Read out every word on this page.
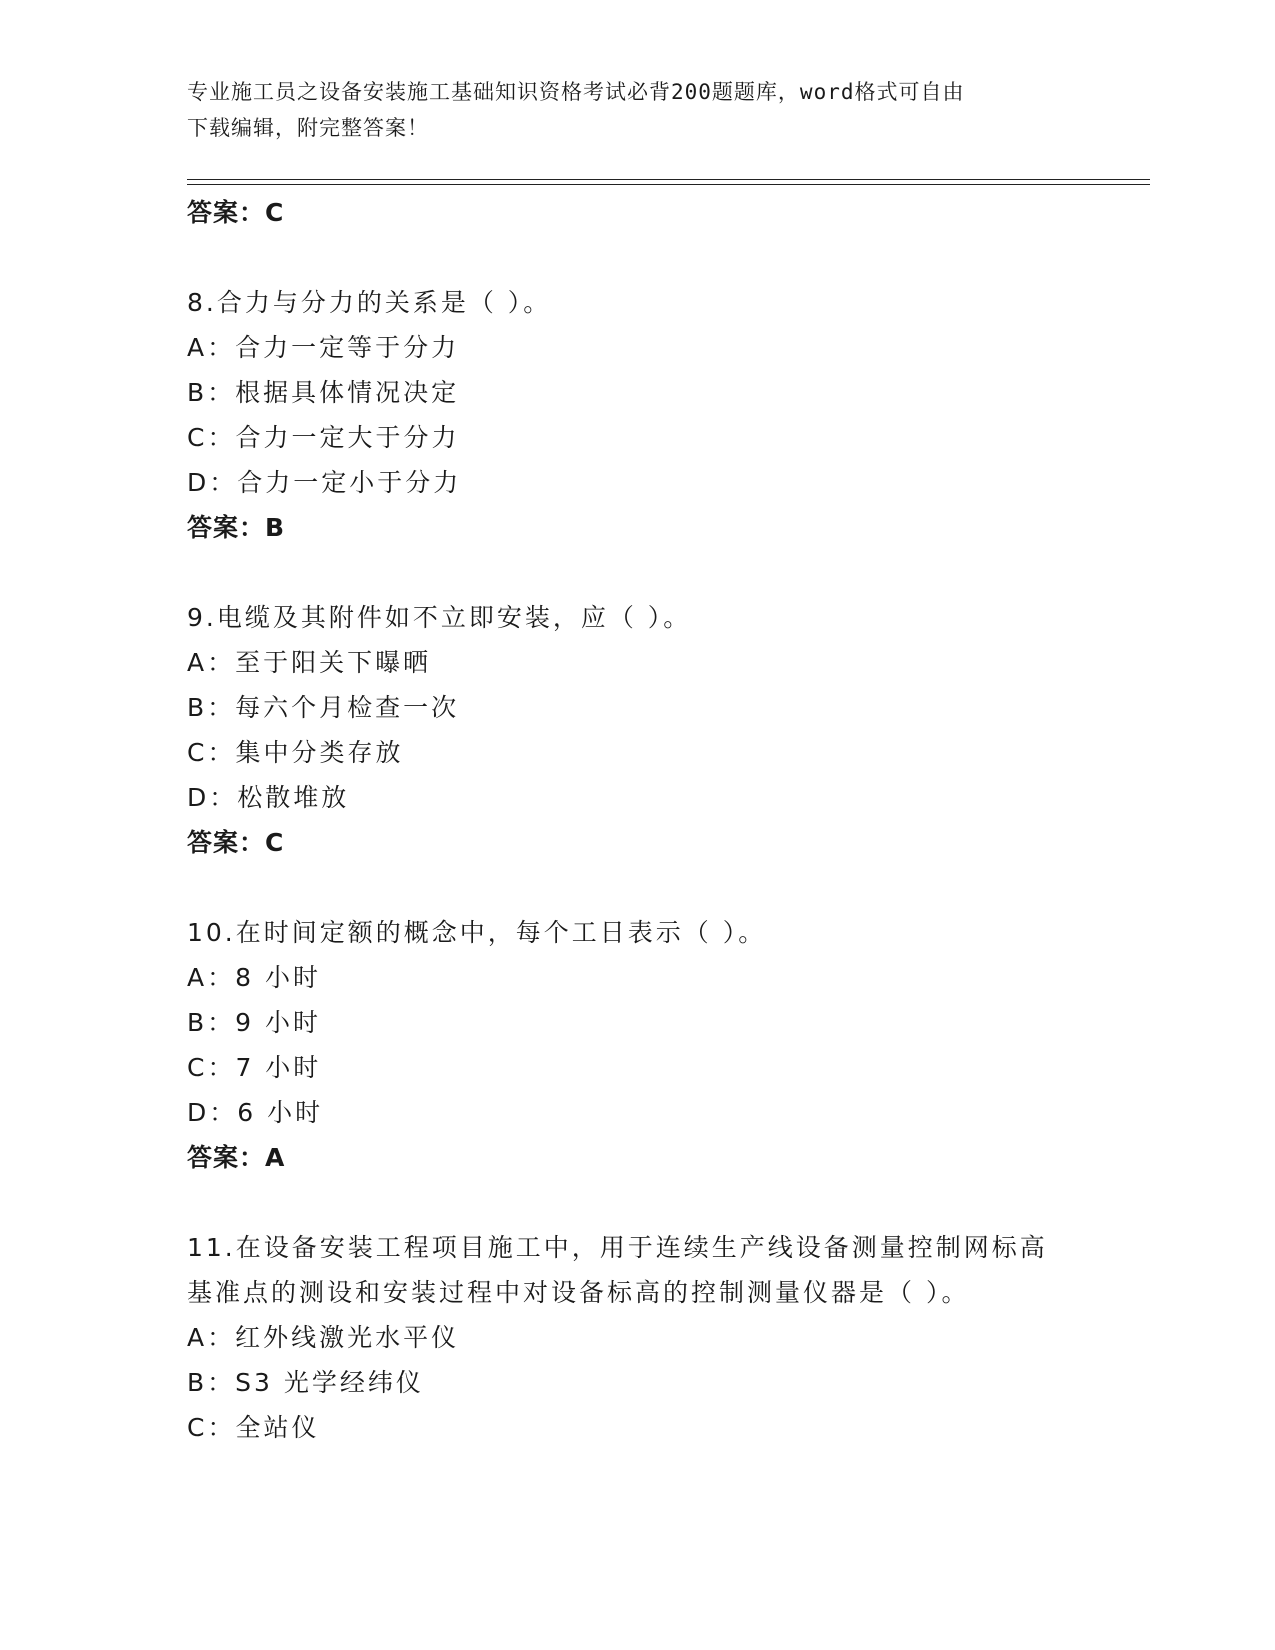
专业施工员之设备安装施工基础知识资格考试必背200题题库，word格式可自由
下载编辑，附完整答案！
答案：C
8.合力与分力的关系是（ ）。
A：合力一定等于分力
B：根据具体情况决定
C：合力一定大于分力
D：合力一定小于分力
答案：B
9.电缆及其附件如不立即安装，应（ ）。
A：至于阳关下曝晒
B：每六个月检查一次
C：集中分类存放
D：松散堆放
答案：C
10.在时间定额的概念中，每个工日表示（ ）。
A：8 小时
B：9 小时
C：7 小时
D：6 小时
答案：A
11.在设备安装工程项目施工中，用于连续生产线设备测量控制网标高
基准点的测设和安装过程中对设备标高的控制测量仪器是（ ）。
A：红外线激光水平仪
B：S3 光学经纬仪
C：全站仪
